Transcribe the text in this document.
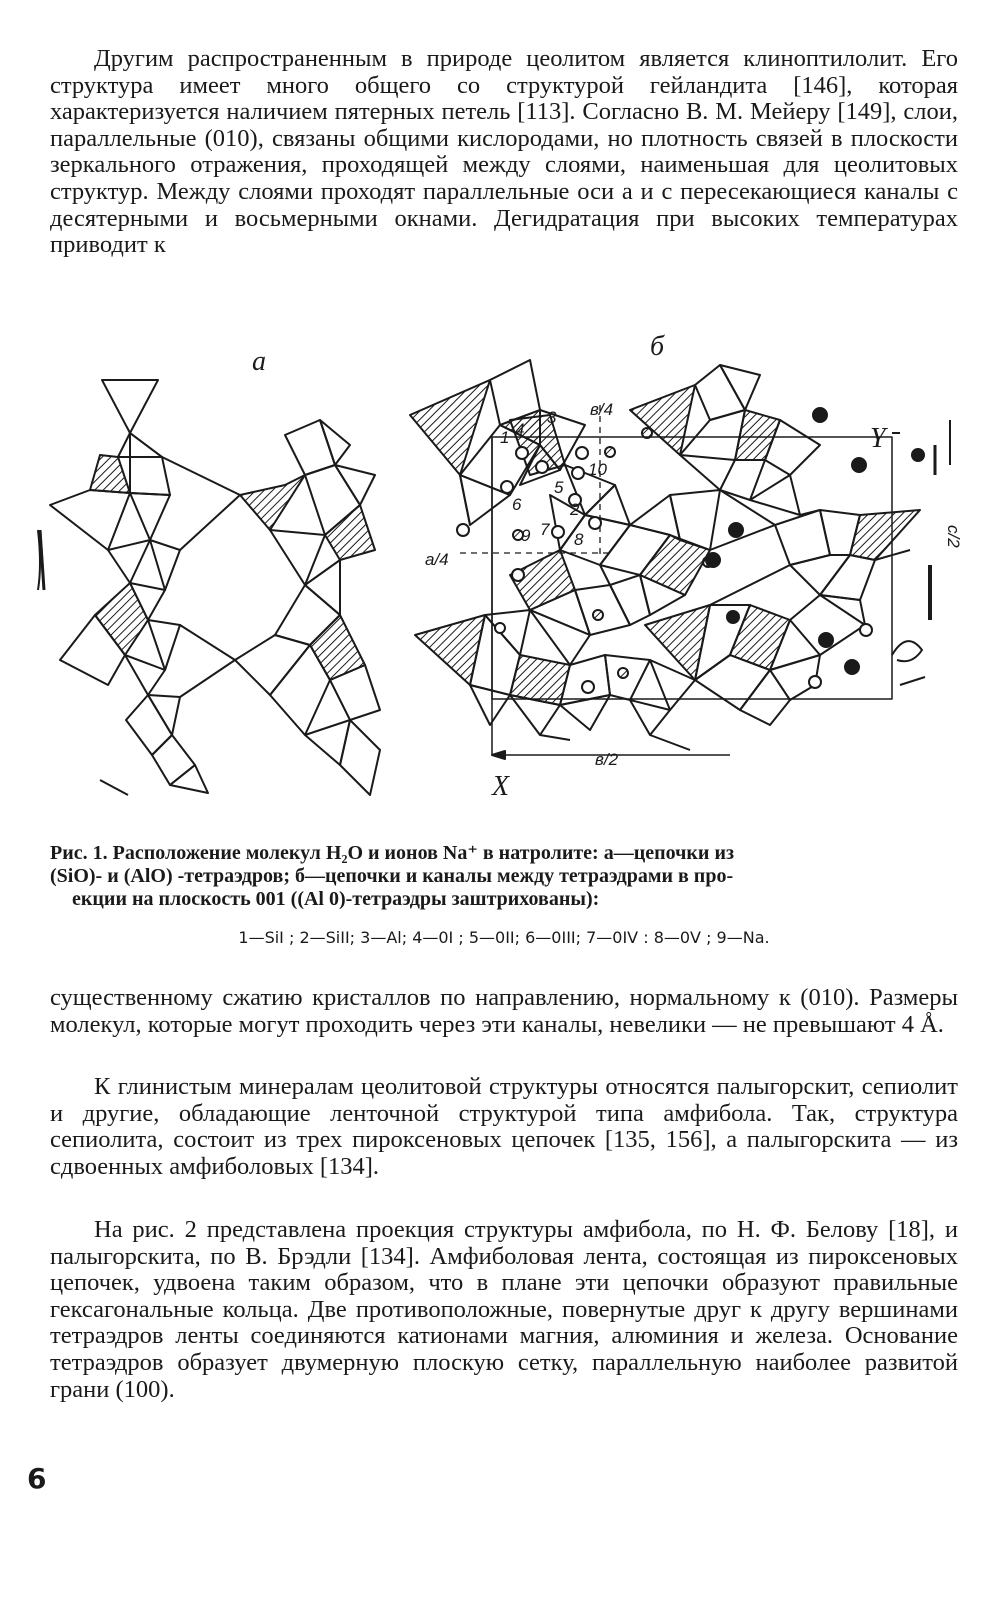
Другим распространенным в природе цеолитом является клиноптилолит. Его структура имеет много общего со структурой гейландита [146], которая характеризуется наличием пятерных петель [113]. Согласно В. М. Мейеру [149], слои, параллельные (010), связаны общими кислородами, но плотность связей в плоскости зеркального отражения, проходящей между слоями, наименьшая для цеолитовых структур. Между слоями проходят параллельные оси a и c пересекающиеся каналы с десятерными и восьмерными окнами. Дегидратация при высоких температурах приводит к

а	б
Y
X
в/4
а/4
в/2
с/2
1
2
3
4
5
6
7
8
9
10
Рис. 1. Расположение молекул H₂O и ионов Na⁺ в натролите: а—цепочки из
(SiO)- и (AlO) -тетраэдров; б—цепочки и каналы между тетраэдрами в про-
екции на плоскость 001 ((Al 0)-тетраэдры заштрихованы):
1—SiI ; 2—SiII; 3—Al; 4—0I ; 5—0II; 6—0III; 7—0IV : 8—0V ; 9—Na.

существенному сжатию кристаллов по направлению, нормальному к (010). Размеры молекул, которые могут проходить через эти каналы, невелики — не превышают 4 Å.

К глинистым минералам цеолитовой структуры относятся палыгорскит, сепиолит и другие, обладающие ленточной структурой типа амфибола. Так, структура сепиолита, состоит из трех пироксеновых цепочек [135, 156], а палыгорскита — из сдвоенных амфиболовых [134].

На рис. 2 представлена проекция структуры амфибола, по Н. Ф. Белову [18], и палыгорскита, по В. Брэдли [134]. Амфиболовая лента, состоящая из пироксеновых цепочек, удвоена таким образом, что в плане эти цепочки образуют правильные гексагональные кольца. Две противоположные, повернутые друг к другу вершинами тетраэдров ленты соединяются катионами магния, алюминия и железа. Основание тетраэдров образует двумерную плоскую сетку, параллельную наиболее развитой грани (100).

6
